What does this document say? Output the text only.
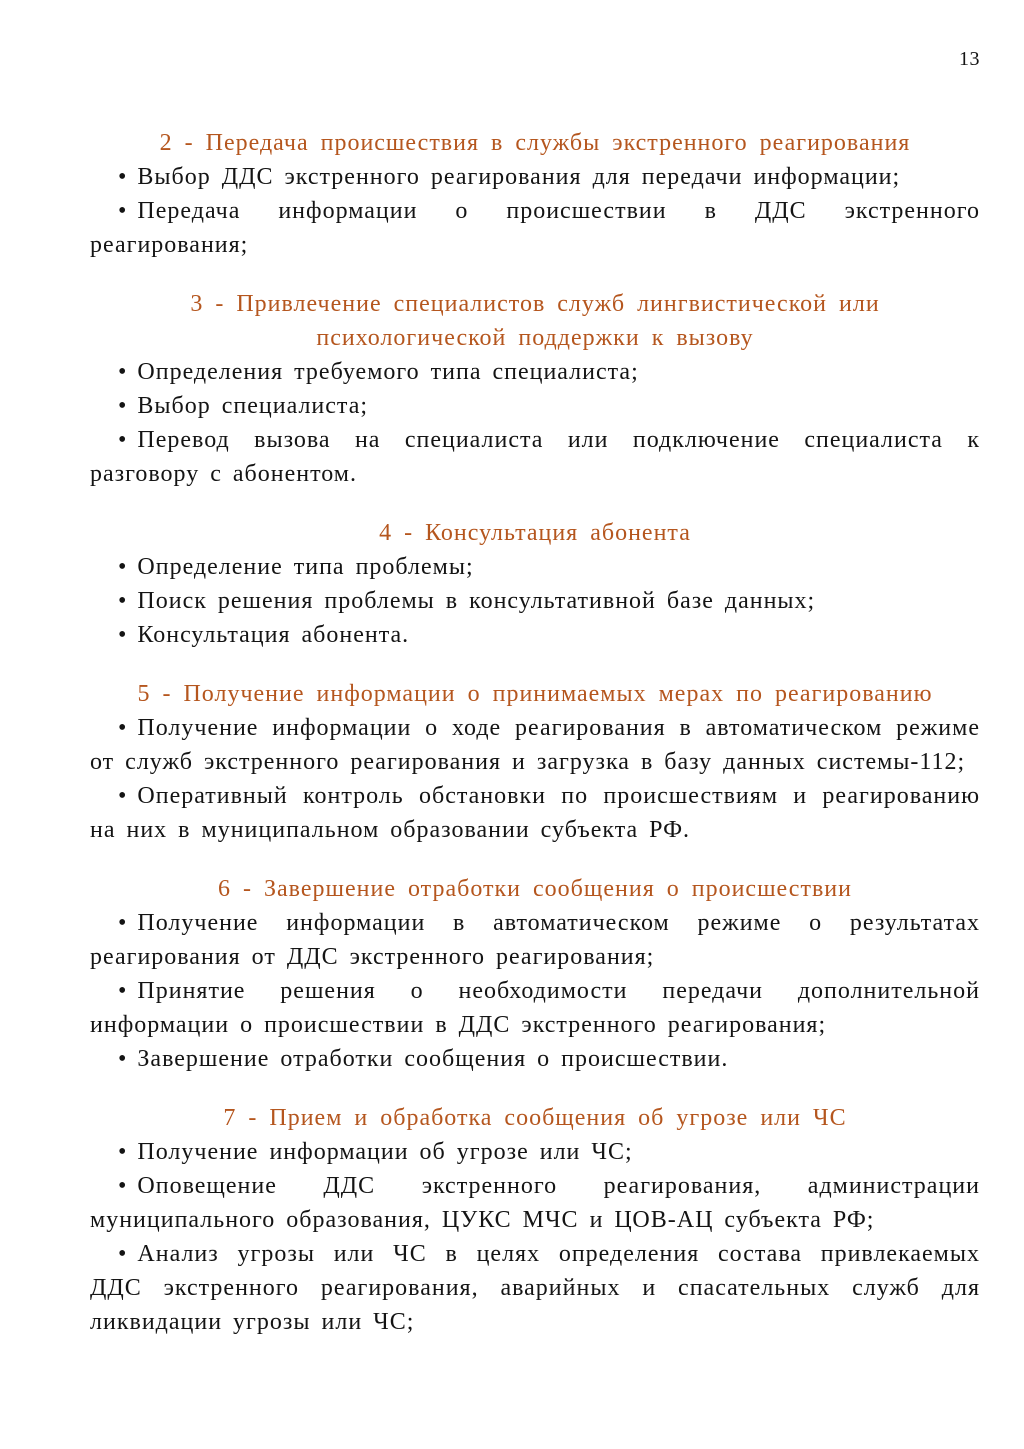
13
2 - Передача происшествия в службы экстренного реагирования

• Выбор ДДС экстренного реагирования для передачи информации;

• Передача информации о происшествии в ДДС экстренного реагирования;

3 - Привлечение специалистов служб лингвистической или психологической поддержки к вызову

• Определения требуемого типа специалиста;

• Выбор специалиста;

• Перевод вызова на специалиста или подключение специалиста к разговору с абонентом.

4 - Консультация абонента

• Определение типа проблемы;

• Поиск решения проблемы в консультативной базе данных;

• Консультация абонента.

5 - Получение информации о принимаемых мерах по реагированию

• Получение информации о ходе реагирования в автоматическом режиме от служб экстренного реагирования и загрузка в базу данных системы-112;

• Оперативный контроль обстановки по происшествиям и реагированию на них в муниципальном образовании субъекта РФ.

6 - Завершение отработки сообщения о происшествии

• Получение информации в автоматическом режиме о результатах реагирования от ДДС экстренного реагирования;

• Принятие решения о необходимости передачи дополнительной информации о происшествии в ДДС экстренного реагирования;

• Завершение отработки сообщения о происшествии.

7 - Прием и обработка сообщения об угрозе или ЧС

• Получение информации об угрозе или ЧС;

• Оповещение ДДС экстренного реагирования, администрации муниципального образования, ЦУКС МЧС и ЦОВ-АЦ субъекта РФ;

• Анализ угрозы или ЧС в целях определения состава привлекаемых ДДС экстренного реагирования, аварийных и спасательных служб для ликвидации угрозы или ЧС;
